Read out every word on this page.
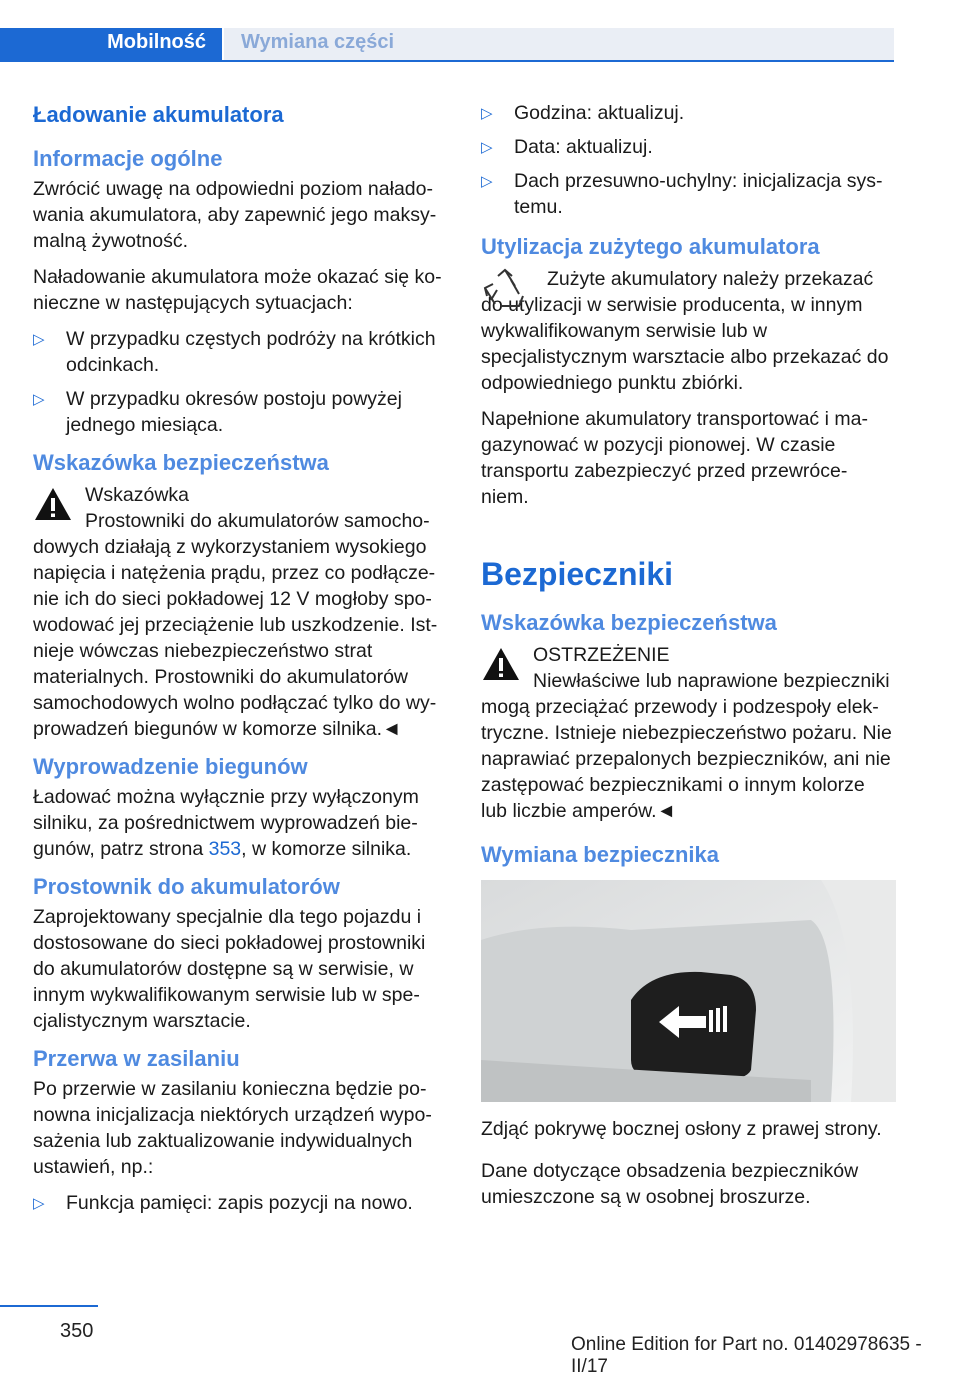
Mobilność Wymiana części
Ładowanie akumulatora
Informacje ogólne

Zwrócić uwagę na odpowiedni poziom nałado- wania akumulatora, aby zapewnić jego maksy- malną żywotność.

Naładowanie akumulatora może okazać się ko- nieczne w następujących sytuacjach:

▷ W przypadku częstych podróży na krótkich odcinkach.
▷ W przypadku okresów postoju powyżej jednego miesiąca.
Wskazówka bezpieczeństwa
Wskazówka

Prostowniki do akumulatorów samocho- dowych działają z wykorzystaniem wysokiego napięcia i natężenia prądu, przez co podłącze- nie ich do sieci pokładowej 12 V mogłoby spo- wodować jej przeciążenie lub uszkodzenie. Ist- nieje wówczas niebezpieczeństwo strat materialnych. Prostowniki do akumulatorów samochodowych wolno podłączać tylko do wy- prowadzeń biegunów w komorze silnika.◄

Wyprowadzenie biegunów

Ładować można wyłącznie przy wyłączonym silniku, za pośrednictwem wyprowadzeń bie- gunów, patrz strona 353, w komorze silnika.

Prostownik do akumulatorów

Zaprojektowany specjalnie dla tego pojazdu i dostosowane do sieci pokładowej prostowniki do akumulatorów dostępne są w serwisie, w innym wykwalifikowanym serwisie lub w spe- cjalistycznym warsztacie.

Przerwa w zasilaniu

Po przerwie w zasilaniu konieczna będzie po- nowna inicjalizacja niektórych urządzeń wypo- sażenia lub zaktualizowanie indywidualnych ustawień, np.:

▷ Funkcja pamięci: zapis pozycji na nowo.
▷ Godzina: aktualizuj.
▷ Data: aktualizuj.
▷ Dach przesuwno-uchylny: inicjalizacja sys- temu.
Utylizacja zużytego akumulatora

Zużyte akumulatory należy przekazać do utylizacji w serwisie producenta, w innym wykwalifikowanym serwisie lub w specjalistycznym warsztacie albo przekazać do odpowiedniego punktu zbiórki.

Napełnione akumulatory transportować i ma- gazynować w pozycji pionowej. W czasie transportu zabezpieczyć przed przewróce- niem.

Bezpieczniki
Wskazówka bezpieczeństwa
OSTRZEŻENIE

Niewłaściwe lub naprawione bezpieczniki mogą przeciążać przewody i podzespoły elek- tryczne. Istnieje niebezpieczeństwo pożaru. Nie naprawiać przepalonych bezpieczników, ani nie zastępować bezpiecznikami o innym kolorze lub liczbie amperów.◄

Wymiana bezpiecznika

Zdjąć pokrywę bocznej osłony z prawej strony.

Dane dotyczące obsadzenia bezpieczników umieszczone są w osobnej broszurze.

350
Online Edition for Part no. 01402978635 - II/17
